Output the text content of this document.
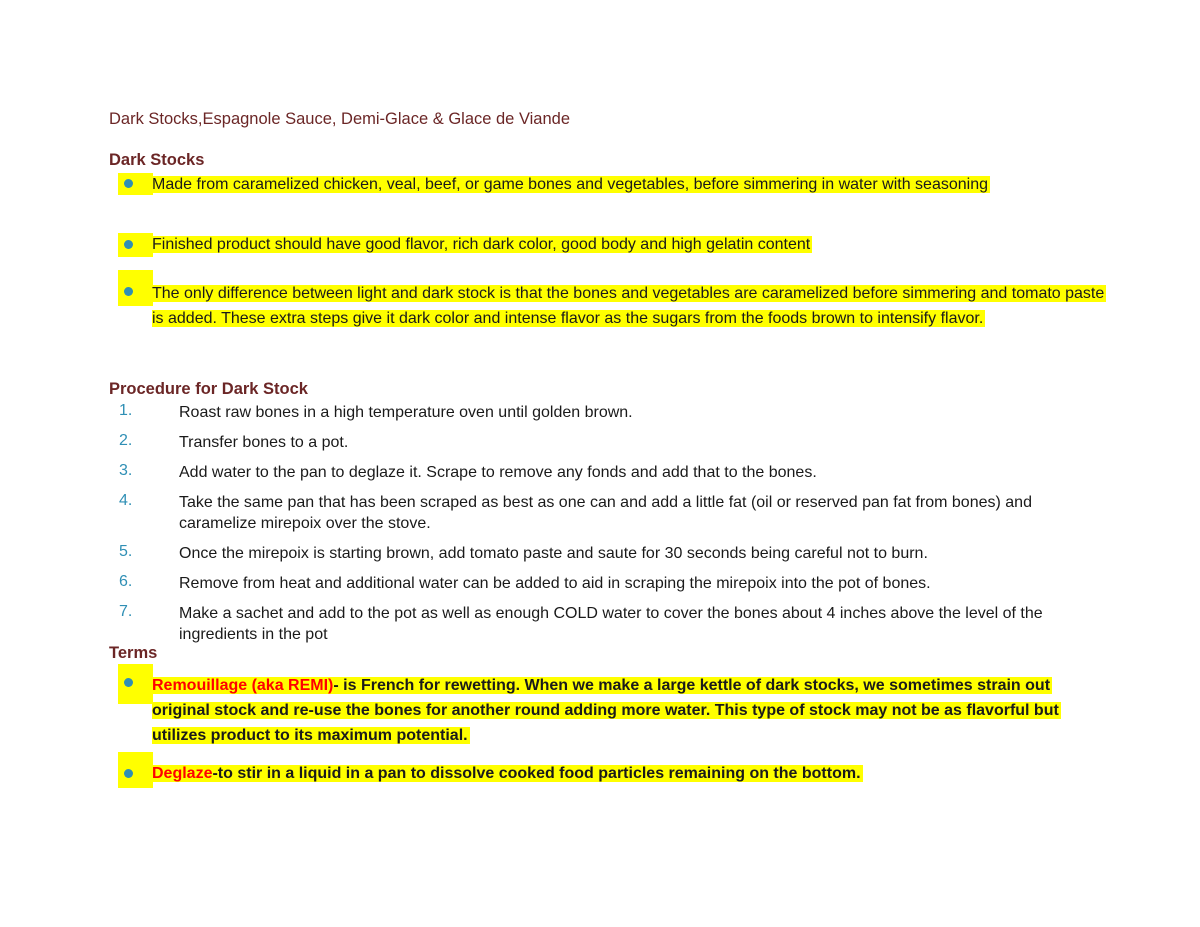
Dark Stocks,Espagnole Sauce, Demi-Glace & Glace de Viande
Dark Stocks
Made from caramelized chicken, veal, beef, or game bones and vegetables, before simmering in water with seasoning
Finished product should have good flavor, rich dark color, good body and high gelatin content
The only difference between light and dark stock is that the bones and vegetables are caramelized before simmering and tomato paste is added. These extra steps give it dark color and intense flavor as the sugars from the foods brown to intensify flavor.
Procedure for Dark Stock
1.	Roast raw bones in a high temperature oven until golden brown.
2.	Transfer bones to a pot.
3.	Add water to the pan to deglaze it. Scrape to remove any fonds and add that to the bones.
4.	Take the same pan that has been scraped as best as one can and add a little fat (oil or reserved pan fat from bones) and caramelize mirepoix over the stove.
5.	Once the mirepoix is starting brown, add tomato paste and saute for 30 seconds being careful not to burn.
6.	Remove from heat and additional water can be added to aid in scraping the mirepoix into the pot of bones.
7.	Make a sachet and add to the pot as well as enough COLD water to cover the bones about 4 inches above the level of the ingredients in the pot
Terms
Remouillage (aka REMI)- is French for rewetting. When we make a large kettle of dark stocks, we sometimes strain out original stock and re-use the bones for another round adding more water. This type of stock may not be as flavorful but utilizes product to its maximum potential.
Deglaze-to stir in a liquid in a pan to dissolve cooked food particles remaining on the bottom.
